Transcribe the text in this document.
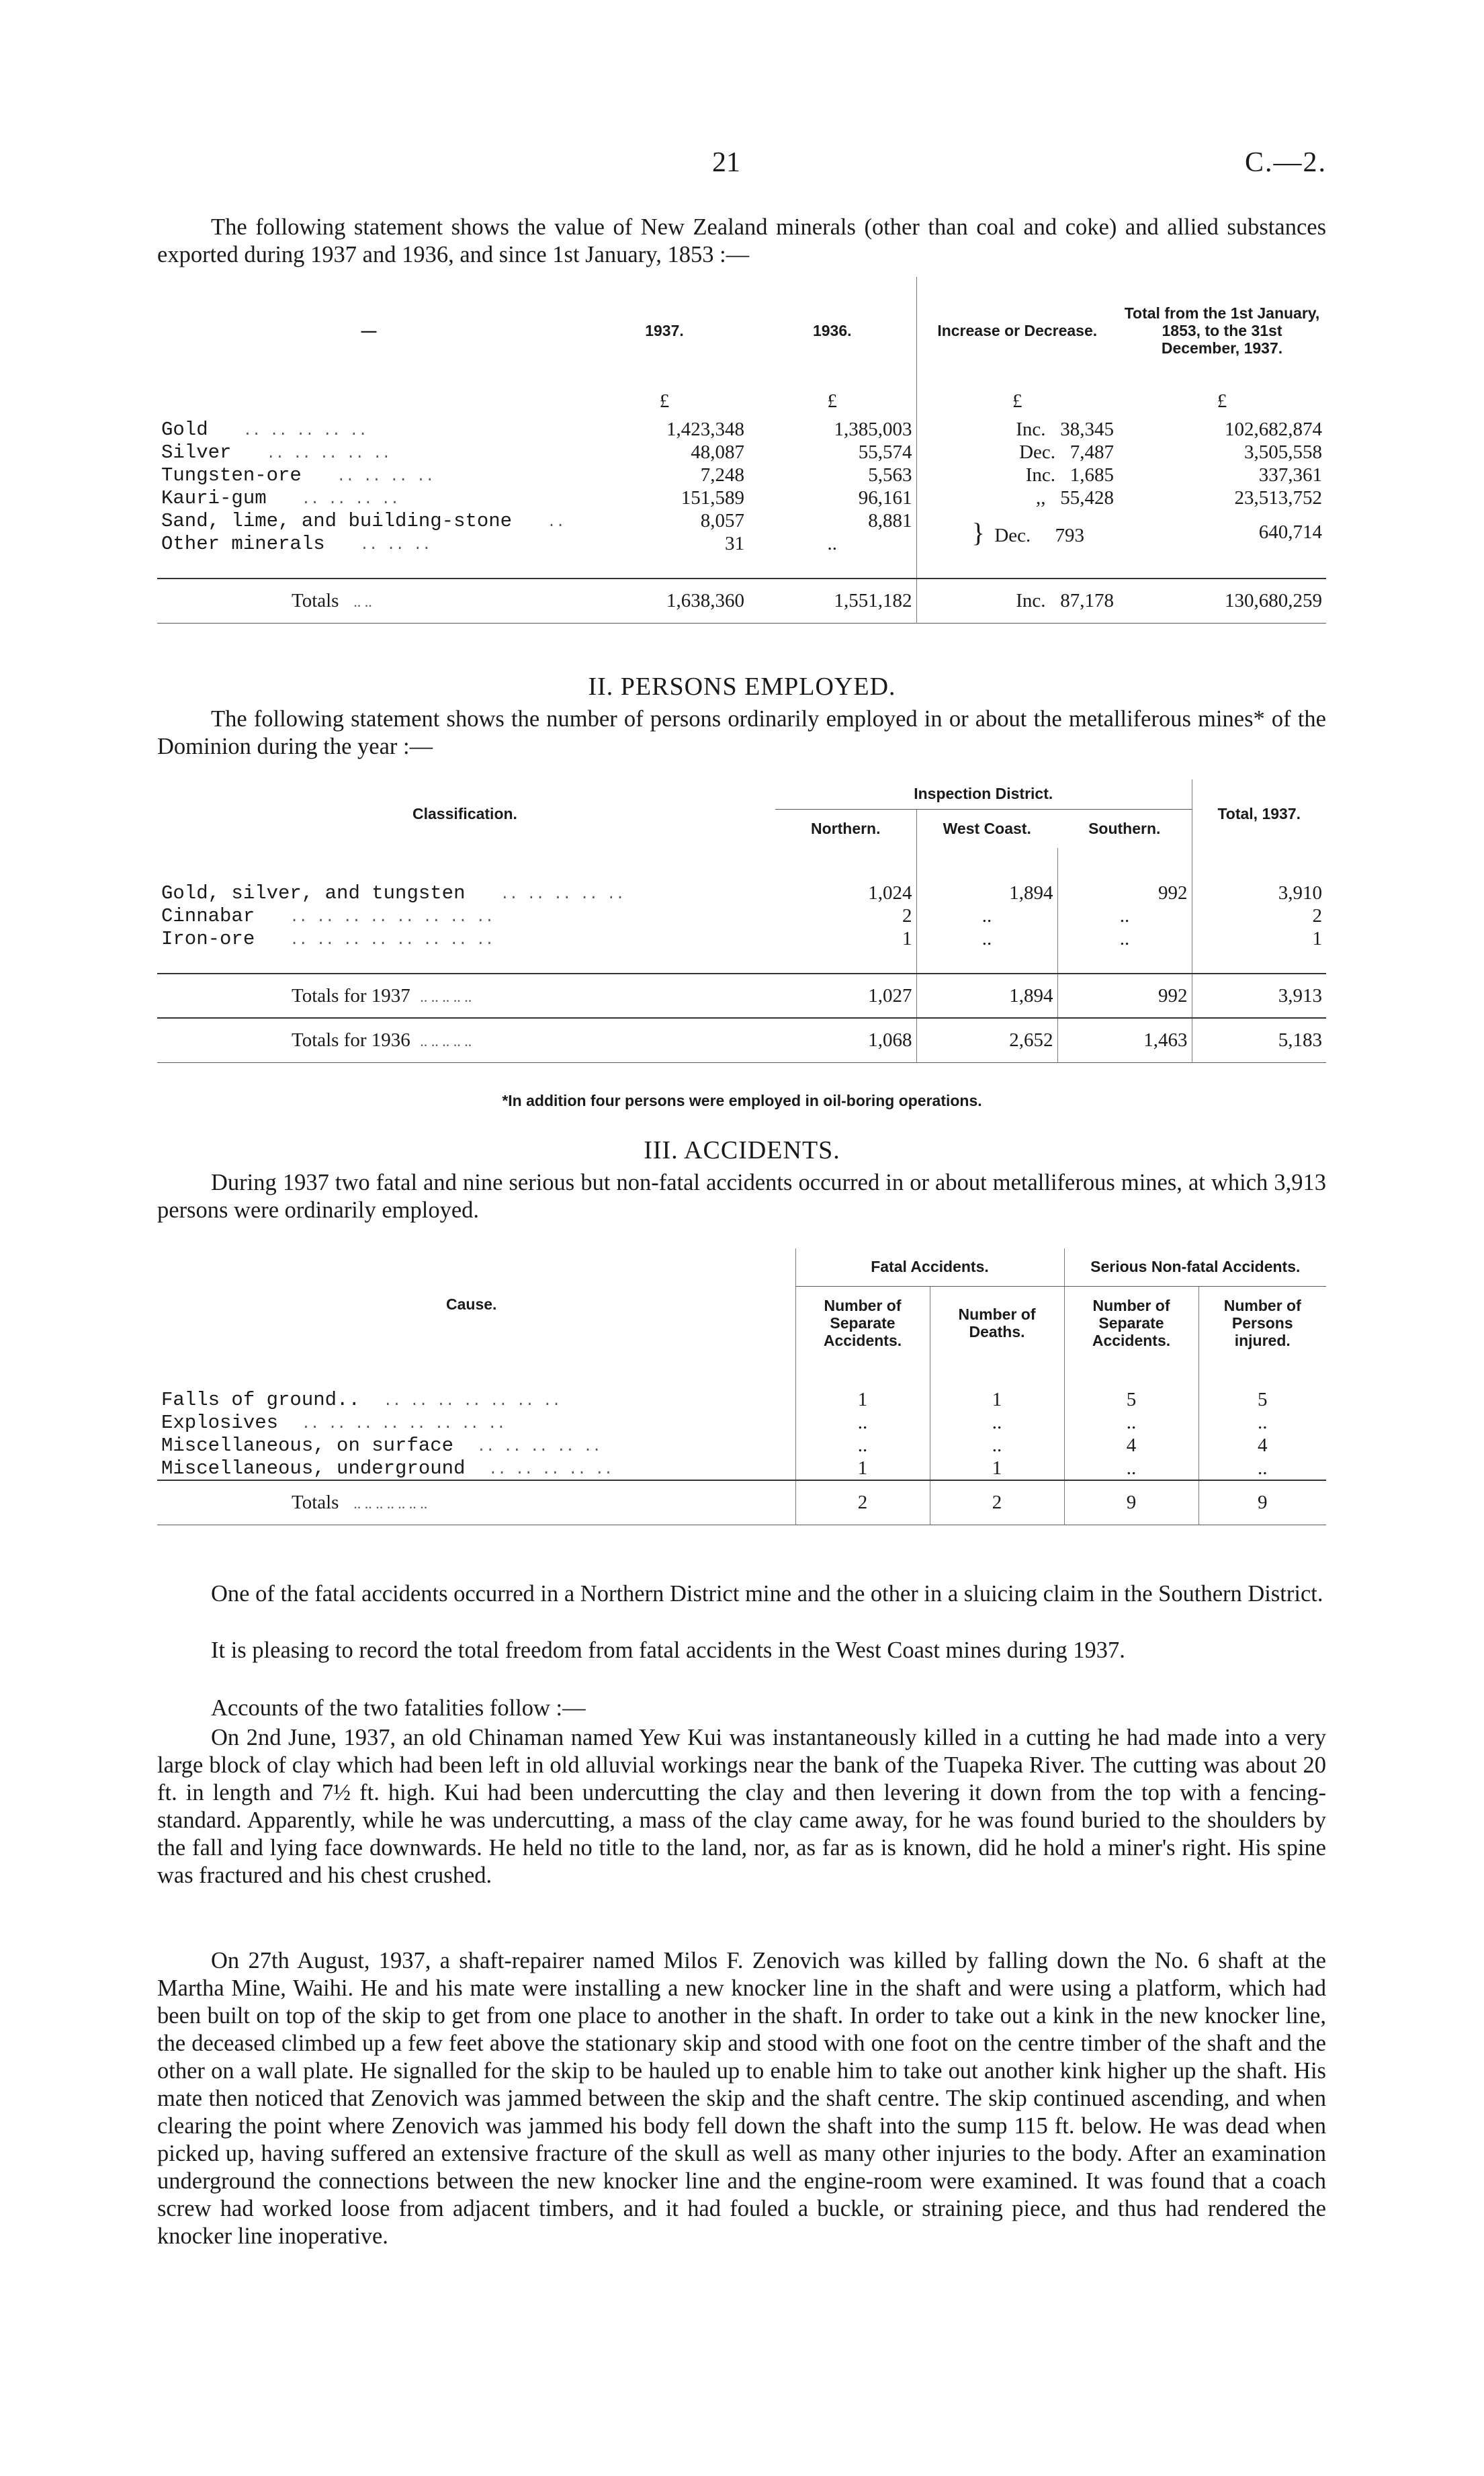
21	C.—2.

The following statement shows the value of New Zealand minerals (other than coal and coke) and allied substances exported during 1937 and 1936, and since 1st January, 1853 :—

—	1937.	1936.	Increase or Decrease.	Total from the 1st January, 1853, to the 31st December, 1937.
	£	£	£	£
Gold .. .. .. .. ..	1,423,348	1,385,003	Inc. 38,345	102,682,874
Silver .. .. .. .. ..	48,087	55,574	Dec. 7,487	3,505,558
Tungsten-ore .. .. .. ..	7,248	5,563	Inc. 1,685	337,361
Kauri-gum .. .. .. ..	151,589	96,161	,, 55,428	23,513,752
Sand, lime, and building-stone ..	8,057	8,881	} Dec. 793	640,714
Other minerals .. .. ..	31	..		

Totals .. ..	1,638,360	1,551,182	Inc. 87,178	130,680,259
II. PERSONS EMPLOYED.

The following statement shows the number of persons ordinarily employed in or about the metalliferous mines* of the Dominion during the year :—

Classification.	Inspection District.			Total, 1937.
	Northern.	West Coast.	Southern.	

Gold, silver, and tungsten .. .. .. .. ..	1,024	1,894	992	3,910
Cinnabar .. .. .. .. .. .. .. ..	2	..	..	2
Iron-ore .. .. .. .. .. .. .. ..	1	..	..	1

Totals for 1937 .. .. .. .. ..	1,027	1,894	992	3,913
Totals for 1936 .. .. .. .. ..	1,068	2,652	1,463	5,183
*In addition four persons were employed in oil-boring operations.
III. ACCIDENTS.

During 1937 two fatal and nine serious but non-fatal accidents occurred in or about metalliferous mines, at which 3,913 persons were ordinarily employed.

Cause.	Fatal Accidents.		Serious Non-fatal Accidents.	
	Number of Separate Accidents.	Number of Deaths.	Number of Separate Accidents.	Number of Persons injured.

Falls of ground.. .. .. .. .. .. .. ..	1	1	5	5
Explosives .. .. .. .. .. .. .. ..	..	..	..	..
Miscellaneous, on surface .. .. .. .. ..	..	..	4	4
Miscellaneous, underground .. .. .. .. ..	1	1	..	..
Totals .. .. .. .. .. .. ..	2	2	9	9

One of the fatal accidents occurred in a Northern District mine and the other in a sluicing claim in the Southern District.

It is pleasing to record the total freedom from fatal accidents in the West Coast mines during 1937.

Accounts of the two fatalities follow :—

On 2nd June, 1937, an old Chinaman named Yew Kui was instantaneously killed in a cutting he had made into a very large block of clay which had been left in old alluvial workings near the bank of the Tuapeka River. The cutting was about 20 ft. in length and 7½ ft. high. Kui had been undercutting the clay and then levering it down from the top with a fencing-standard. Apparently, while he was undercutting, a mass of the clay came away, for he was found buried to the shoulders by the fall and lying face downwards. He held no title to the land, nor, as far as is known, did he hold a miner's right. His spine was fractured and his chest crushed.

On 27th August, 1937, a shaft-repairer named Milos F. Zenovich was killed by falling down the No. 6 shaft at the Martha Mine, Waihi. He and his mate were installing a new knocker line in the shaft and were using a platform, which had been built on top of the skip to get from one place to another in the shaft. In order to take out a kink in the new knocker line, the deceased climbed up a few feet above the stationary skip and stood with one foot on the centre timber of the shaft and the other on a wall plate. He signalled for the skip to be hauled up to enable him to take out another kink higher up the shaft. His mate then noticed that Zenovich was jammed between the skip and the shaft centre. The skip continued ascending, and when clearing the point where Zenovich was jammed his body fell down the shaft into the sump 115 ft. below. He was dead when picked up, having suffered an extensive fracture of the skull as well as many other injuries to the body. After an examination underground the connections between the new knocker line and the engine-room were examined. It was found that a coach screw had worked loose from adjacent timbers, and it had fouled a buckle, or straining piece, and thus had rendered the knocker line inoperative.
